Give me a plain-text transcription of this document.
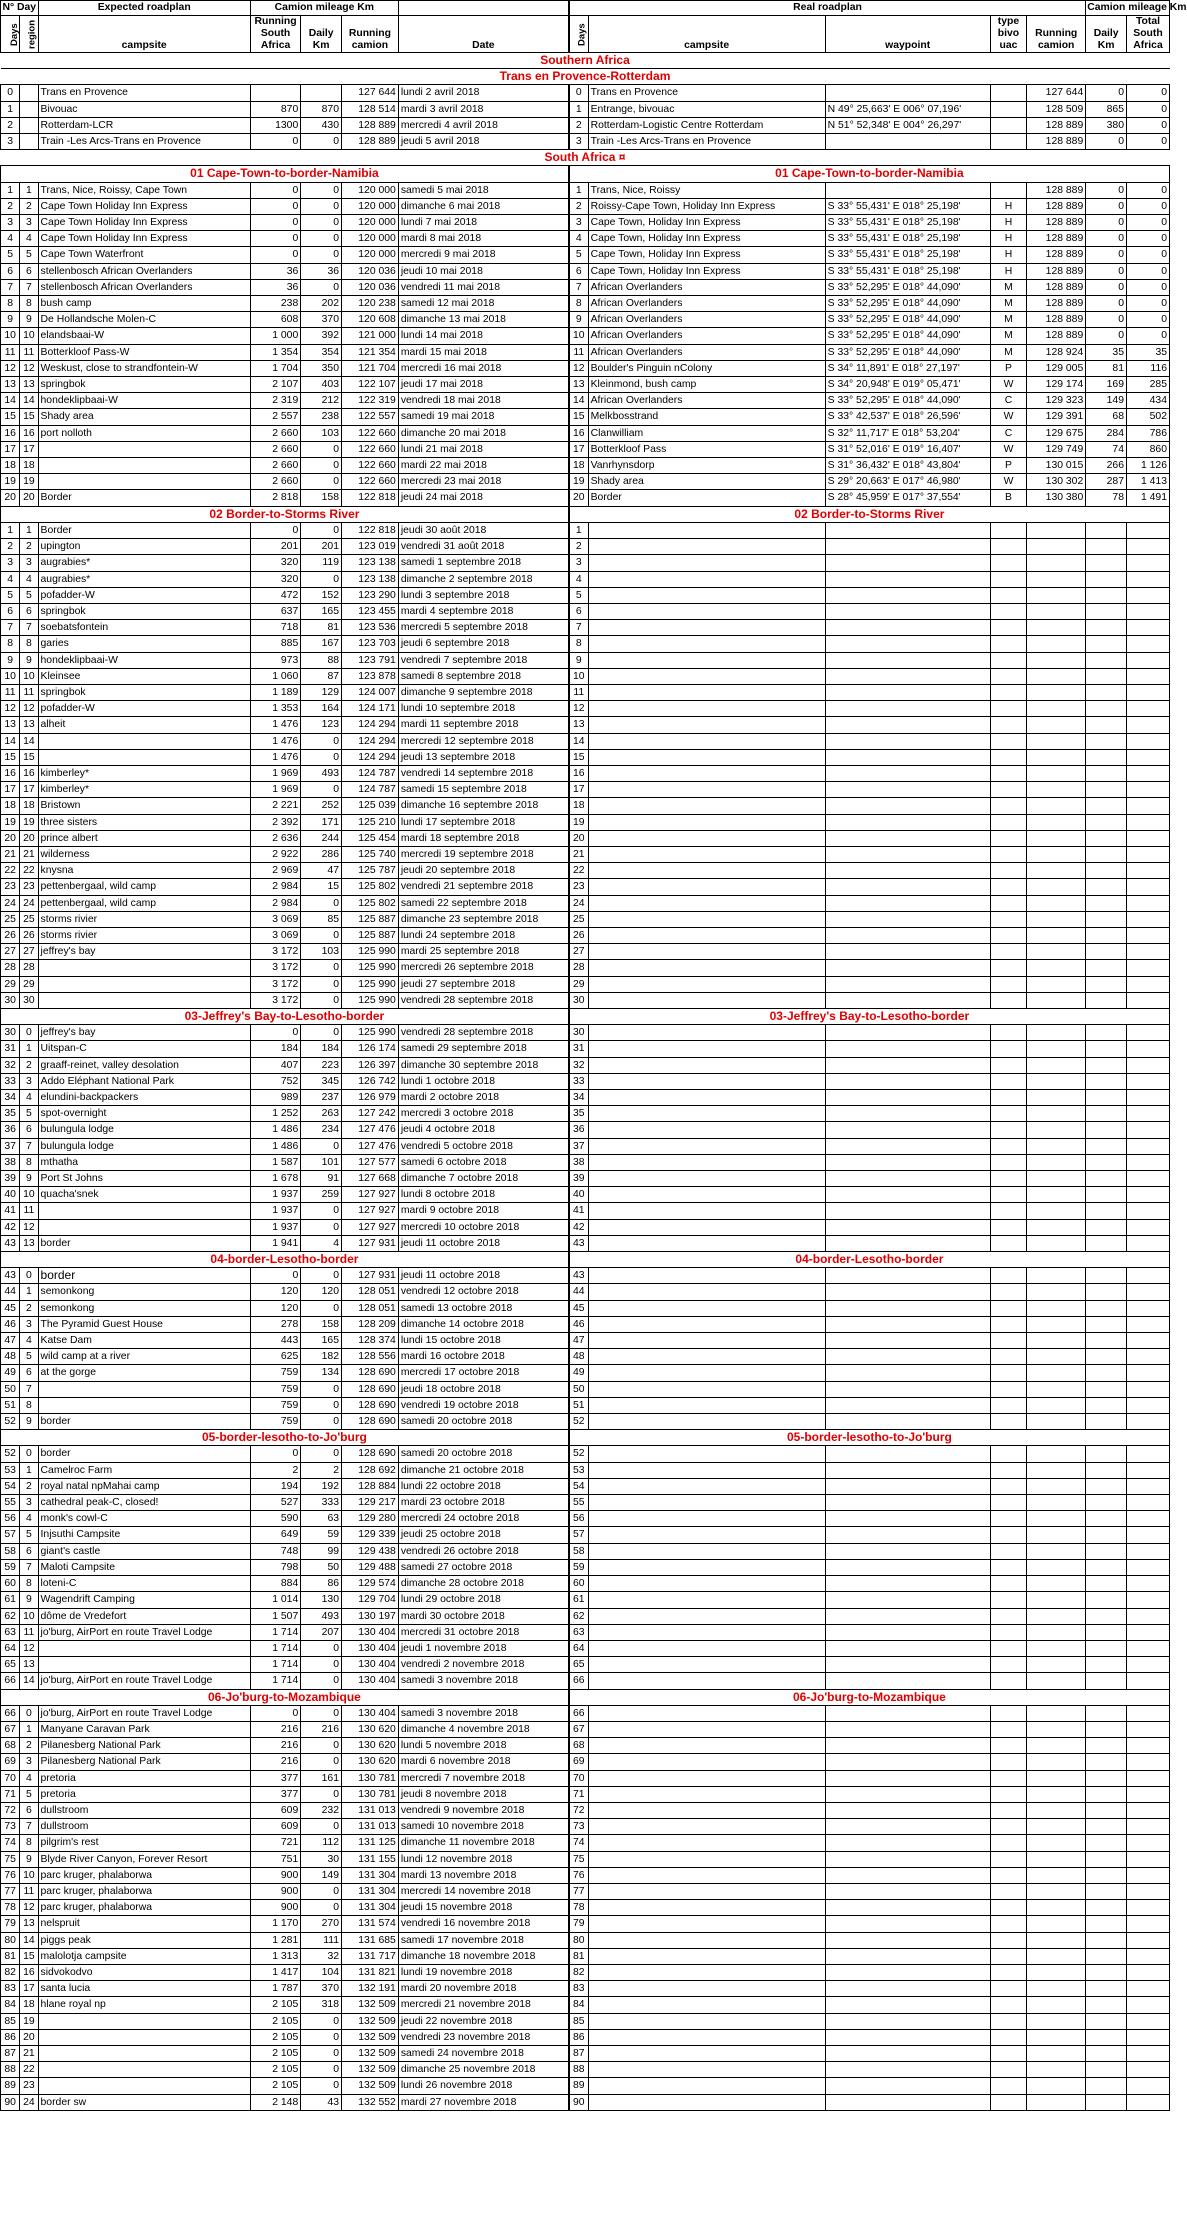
N° Day		Expected roadplan	Camion mileage Km				Real roadplan					Camion mileage Km	
Days	region	campsite	Running South Africa	Daily Km	Running camion	Date	Days	campsite	waypoint	type bivo uac	Running camion	Daily Km	Total South Africa
Southern Africa													
Trans en Provence-Rotterdam													
0		Trans en Provence			127 644	lundi 2 avril 2018	0	Trans en Provence			127 644	0	0
1		Bivouac	870	870	128 514	mardi 3 avril 2018	1	Entrange, bivouac	N 49° 25,663' E 006° 07,196'		128 509	865	0
2		Rotterdam-LCR	1300	430	128 889	mercredi 4 avril 2018	2	Rotterdam-Logistic Centre Rotterdam	N 51° 52,348' E 004° 26,297'		128 889	380	0
3		Train -Les Arcs-Trans en Provence	0	0	128 889	jeudi 5 avril 2018	3	Train -Les Arcs-Trans en Provence			128 889	0	0
South Africa ¤													
01 Cape-Town-to-border-Namibia							01 Cape-Town-to-border-Namibia						
1	1	Trans, Nice, Roissy, Cape Town	0	0	120 000	samedi 5 mai 2018	1	Trans, Nice, Roissy			128 889	0	0
2	2	Cape Town Holiday Inn Express	0	0	120 000	dimanche 6 mai 2018	2	Roissy-Cape Town, Holiday Inn Express	S 33° 55,431' E 018° 25,198'	H	128 889	0	0
3	3	Cape Town Holiday Inn Express	0	0	120 000	lundi 7 mai 2018	3	Cape Town, Holiday Inn Express	S 33° 55,431' E 018° 25,198'	H	128 889	0	0
4	4	Cape Town Holiday Inn Express	0	0	120 000	mardi 8 mai 2018	4	Cape Town, Holiday Inn Express	S 33° 55,431' E 018° 25,198'	H	128 889	0	0
5	5	Cape Town Waterfront	0	0	120 000	mercredi 9 mai 2018	5	Cape Town, Holiday Inn Express	S 33° 55,431' E 018° 25,198'	H	128 889	0	0
6	6	stellenbosch African Overlanders	36	36	120 036	jeudi 10 mai 2018	6	Cape Town, Holiday Inn Express	S 33° 55,431' E 018° 25,198'	H	128 889	0	0
7	7	stellenbosch African Overlanders	36	0	120 036	vendredi 11 mai 2018	7	African Overlanders	S 33° 52,295' E 018° 44,090'	M	128 889	0	0
8	8	bush camp	238	202	120 238	samedi 12 mai 2018	8	African Overlanders	S 33° 52,295' E 018° 44,090'	M	128 889	0	0
9	9	De Hollandsche Molen-C	608	370	120 608	dimanche 13 mai 2018	9	African Overlanders	S 33° 52,295' E 018° 44,090'	M	128 889	0	0
10	10	elandsbaai-W	1 000	392	121 000	lundi 14 mai 2018	10	African Overlanders	S 33° 52,295' E 018° 44,090'	M	128 889	0	0
11	11	Botterkloof Pass-W	1 354	354	121 354	mardi 15 mai 2018	11	African Overlanders	S 33° 52,295' E 018° 44,090'	M	128 924	35	35
12	12	Weskust, close to strandfontein-W	1 704	350	121 704	mercredi 16 mai 2018	12	Boulder's Pinguin nColony	S 34° 11,891' E 018° 27,197'	P	129 005	81	116
13	13	springbok	2 107	403	122 107	jeudi 17 mai 2018	13	Kleinmond, bush camp	S 34° 20,948' E 019° 05,471'	W	129 174	169	285
14	14	hondeklipbaai-W	2 319	212	122 319	vendredi 18 mai 2018	14	African Overlanders	S 33° 52,295' E 018° 44,090'	C	129 323	149	434
15	15	Shady area	2 557	238	122 557	samedi 19 mai 2018	15	Melkbosstrand	S 33° 42,537' E 018° 26,596'	W	129 391	68	502
16	16	port nolloth	2 660	103	122 660	dimanche 20 mai 2018	16	Clanwilliam	S 32° 11,717' E 018° 53,204'	C	129 675	284	786
17	17		2 660	0	122 660	lundi 21 mai 2018	17	Botterkloof Pass	S 31° 52,016' E 019° 16,407'	W	129 749	74	860
18	18		2 660	0	122 660	mardi 22 mai 2018	18	Vanrhynsdorp	S 31° 36,432' E 018° 43,804'	P	130 015	266	1 126
19	19		2 660	0	122 660	mercredi 23 mai 2018	19	Shady area	S 29° 20,663' E 017° 46,980'	W	130 302	287	1 413
20	20	Border	2 818	158	122 818	jeudi 24 mai 2018	20	Border	S 28° 45,959' E 017° 37,554'	B	130 380	78	1 491
02 Border-to-Storms River							02 Border-to-Storms River						
1	1	Border	0	0	122 818	jeudi 30 août 2018	1						
2	2	upington	201	201	123 019	vendredi 31 août 2018	2						
3	3	augrabies*	320	119	123 138	samedi 1 septembre 2018	3						
4	4	augrabies*	320	0	123 138	dimanche 2 septembre 2018	4						
5	5	pofadder-W	472	152	123 290	lundi 3 septembre 2018	5						
6	6	springbok	637	165	123 455	mardi 4 septembre 2018	6						
7	7	soebatsfontein	718	81	123 536	mercredi 5 septembre 2018	7						
8	8	garies	885	167	123 703	jeudi 6 septembre 2018	8						
9	9	hondeklipbaai-W	973	88	123 791	vendredi 7 septembre 2018	9						
10	10	Kleinsee	1 060	87	123 878	samedi 8 septembre 2018	10						
11	11	springbok	1 189	129	124 007	dimanche 9 septembre 2018	11						
12	12	pofadder-W	1 353	164	124 171	lundi 10 septembre 2018	12						
13	13	alheit	1 476	123	124 294	mardi 11 septembre 2018	13						
14	14		1 476	0	124 294	mercredi 12 septembre 2018	14						
15	15		1 476	0	124 294	jeudi 13 septembre 2018	15						
16	16	kimberley*	1 969	493	124 787	vendredi 14 septembre 2018	16						
17	17	kimberley*	1 969	0	124 787	samedi 15 septembre 2018	17						
18	18	Bristown	2 221	252	125 039	dimanche 16 septembre 2018	18						
19	19	three sisters	2 392	171	125 210	lundi 17 septembre 2018	19						
20	20	prince albert	2 636	244	125 454	mardi 18 septembre 2018	20						
21	21	wilderness	2 922	286	125 740	mercredi 19 septembre 2018	21						
22	22	knysna	2 969	47	125 787	jeudi 20 septembre 2018	22						
23	23	pettenbergaal, wild camp	2 984	15	125 802	vendredi 21 septembre 2018	23						
24	24	pettenbergaal, wild camp	2 984	0	125 802	samedi 22 septembre 2018	24						
25	25	storms rivier	3 069	85	125 887	dimanche 23 septembre 2018	25						
26	26	storms rivier	3 069	0	125 887	lundi 24 septembre 2018	26						
27	27	jeffrey's bay	3 172	103	125 990	mardi 25 septembre 2018	27						
28	28		3 172	0	125 990	mercredi 26 septembre 2018	28						
29	29		3 172	0	125 990	jeudi 27 septembre 2018	29						
30	30		3 172	0	125 990	vendredi 28 septembre 2018	30						
03-Jeffrey's Bay-to-Lesotho-border							03-Jeffrey's Bay-to-Lesotho-border						
30	0	jeffrey's bay	0	0	125 990	vendredi 28 septembre 2018	30						
31	1	Uitspan-C	184	184	126 174	samedi 29 septembre 2018	31						
32	2	graaff-reinet, valley desolation	407	223	126 397	dimanche 30 septembre 2018	32						
33	3	Addo Eléphant National Park	752	345	126 742	lundi 1 octobre 2018	33						
34	4	elundini-backpackers	989	237	126 979	mardi 2 octobre 2018	34						
35	5	spot-overnight	1 252	263	127 242	mercredi 3 octobre 2018	35						
36	6	bulungula lodge	1 486	234	127 476	jeudi 4 octobre 2018	36						
37	7	bulungula lodge	1 486	0	127 476	vendredi 5 octobre 2018	37						
38	8	mthatha	1 587	101	127 577	samedi 6 octobre 2018	38						
39	9	Port St Johns	1 678	91	127 668	dimanche 7 octobre 2018	39						
40	10	quacha'snek	1 937	259	127 927	lundi 8 octobre 2018	40						
41	11		1 937	0	127 927	mardi 9 octobre 2018	41						
42	12		1 937	0	127 927	mercredi 10 octobre 2018	42						
43	13	border	1 941	4	127 931	jeudi 11 octobre 2018	43						
04-border-Lesotho-border							04-border-Lesotho-border						
43	0	border	0	0	127 931	jeudi 11 octobre 2018	43						
44	1	semonkong	120	120	128 051	vendredi 12 octobre 2018	44						
45	2	semonkong	120	0	128 051	samedi 13 octobre 2018	45						
46	3	The Pyramid Guest House	278	158	128 209	dimanche 14 octobre 2018	46						
47	4	Katse Dam	443	165	128 374	lundi 15 octobre 2018	47						
48	5	wild camp at a river	625	182	128 556	mardi 16 octobre 2018	48						
49	6	at the gorge	759	134	128 690	mercredi 17 octobre 2018	49						
50	7		759	0	128 690	jeudi 18 octobre 2018	50						
51	8		759	0	128 690	vendredi 19 octobre 2018	51						
52	9	border	759	0	128 690	samedi 20 octobre 2018	52						
05-border-lesotho-to-Jo'burg							05-border-lesotho-to-Jo'burg						
52	0	border	0	0	128 690	samedi 20 octobre 2018	52						
53	1	Camelroc Farm	2	2	128 692	dimanche 21 octobre 2018	53						
54	2	royal natal npMahai camp	194	192	128 884	lundi 22 octobre 2018	54						
55	3	cathedral peak-C, closed!	527	333	129 217	mardi 23 octobre 2018	55						
56	4	monk's cowl-C	590	63	129 280	mercredi 24 octobre 2018	56						
57	5	Injsuthi Campsite	649	59	129 339	jeudi 25 octobre 2018	57						
58	6	giant's castle	748	99	129 438	vendredi 26 octobre 2018	58						
59	7	Maloti Campsite	798	50	129 488	samedi 27 octobre 2018	59						
60	8	loteni-C	884	86	129 574	dimanche 28 octobre 2018	60						
61	9	Wagendrift Camping	1 014	130	129 704	lundi 29 octobre 2018	61						
62	10	dôme de Vredefort	1 507	493	130 197	mardi 30 octobre 2018	62						
63	11	jo'burg, AirPort en route Travel Lodge	1 714	207	130 404	mercredi 31 octobre 2018	63						
64	12		1 714	0	130 404	jeudi 1 novembre 2018	64						
65	13		1 714	0	130 404	vendredi 2 novembre 2018	65						
66	14	jo'burg, AirPort en route Travel Lodge	1 714	0	130 404	samedi 3 novembre 2018	66						
06-Jo'burg-to-Mozambique							06-Jo'burg-to-Mozambique						
66	0	jo'burg, AirPort en route Travel Lodge	0	0	130 404	samedi 3 novembre 2018	66						
67	1	Manyane Caravan Park	216	216	130 620	dimanche 4 novembre 2018	67						
68	2	Pilanesberg National Park	216	0	130 620	lundi 5 novembre 2018	68						
69	3	Pilanesberg National Park	216	0	130 620	mardi 6 novembre 2018	69						
70	4	pretoria	377	161	130 781	mercredi 7 novembre 2018	70						
71	5	pretoria	377	0	130 781	jeudi 8 novembre 2018	71						
72	6	dullstroom	609	232	131 013	vendredi 9 novembre 2018	72						
73	7	dullstroom	609	0	131 013	samedi 10 novembre 2018	73						
74	8	pilgrim's rest	721	112	131 125	dimanche 11 novembre 2018	74						
75	9	Blyde River Canyon, Forever Resort	751	30	131 155	lundi 12 novembre 2018	75						
76	10	parc kruger, phalaborwa	900	149	131 304	mardi 13 novembre 2018	76						
77	11	parc kruger, phalaborwa	900	0	131 304	mercredi 14 novembre 2018	77						
78	12	parc kruger, phalaborwa	900	0	131 304	jeudi 15 novembre 2018	78						
79	13	nelspruit	1 170	270	131 574	vendredi 16 novembre 2018	79						
80	14	piggs peak	1 281	111	131 685	samedi 17 novembre 2018	80						
81	15	malolotja campsite	1 313	32	131 717	dimanche 18 novembre 2018	81						
82	16	sidvokodvo	1 417	104	131 821	lundi 19 novembre 2018	82						
83	17	santa lucia	1 787	370	132 191	mardi 20 novembre 2018	83						
84	18	hlane royal np	2 105	318	132 509	mercredi 21 novembre 2018	84						
85	19		2 105	0	132 509	jeudi 22 novembre 2018	85						
86	20		2 105	0	132 509	vendredi 23 novembre 2018	86						
87	21		2 105	0	132 509	samedi 24 novembre 2018	87						
88	22		2 105	0	132 509	dimanche 25 novembre 2018	88						
89	23		2 105	0	132 509	lundi 26 novembre 2018	89						
90	24	border sw	2 148	43	132 552	mardi 27 novembre 2018	90						
